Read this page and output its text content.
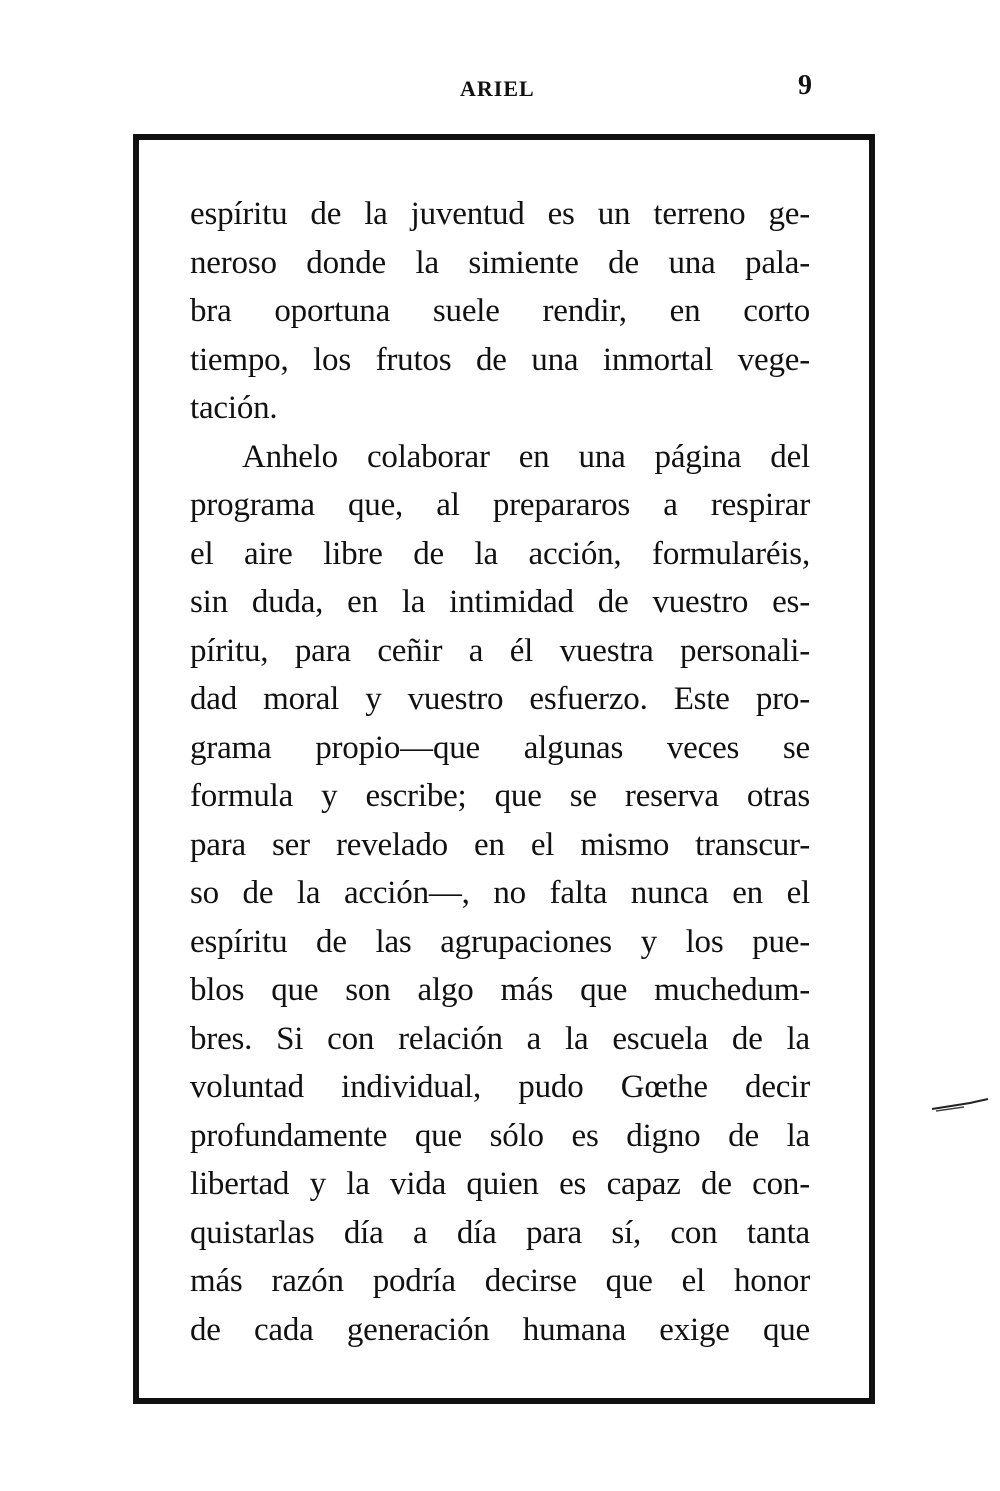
ARIEL	9
espíritu de la juventud es un terreno ge-
neroso donde la simiente de una pala-
bra oportuna suele rendir, en corto
tiempo, los frutos de una inmortal vege-
tación.
Anhelo colaborar en una página del
programa que, al prepararos a respirar
el aire libre de la acción, formularéis,
sin duda, en la intimidad de vuestro es-
píritu, para ceñir a él vuestra personali-
dad moral y vuestro esfuerzo. Este pro-
grama propio—que algunas veces se
formula y escribe; que se reserva otras
para ser revelado en el mismo transcur-
so de la acción—, no falta nunca en el
espíritu de las agrupaciones y los pue-
blos que son algo más que muchedum-
bres. Si con relación a la escuela de la
voluntad individual, pudo Gœthe decir
profundamente que sólo es digno de la
libertad y la vida quien es capaz de con-
quistarlas día a día para sí, con tanta
más razón podría decirse que el honor
de cada generación humana exige que
